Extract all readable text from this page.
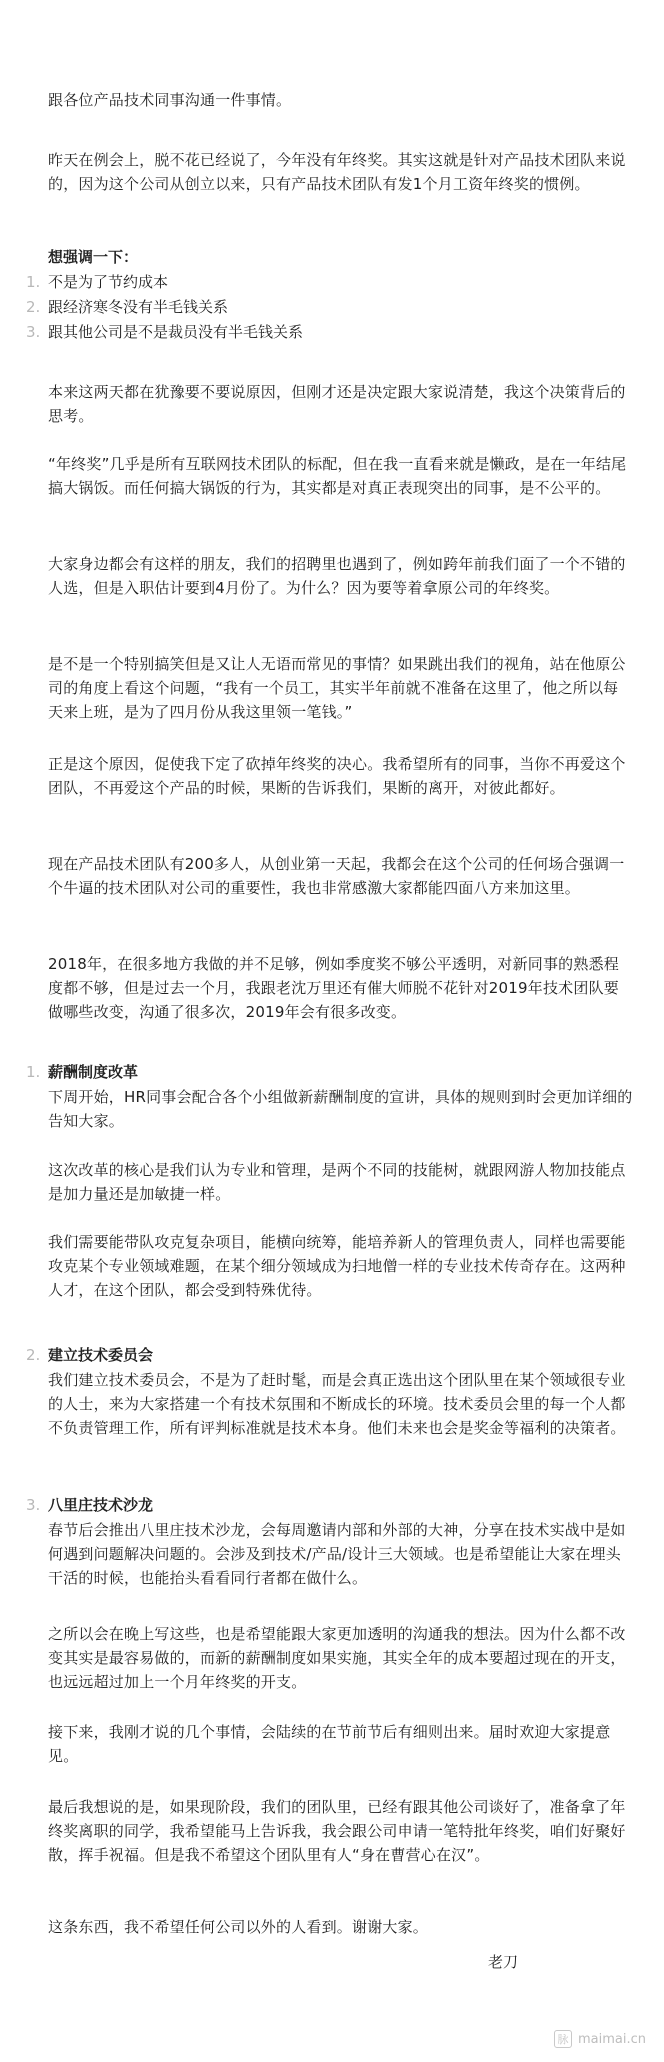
跟各位产品技术同事沟通一件事情。

昨天在例会上，脱不花已经说了，今年没有年终奖。其实这就是针对产品技术团队来说的，因为这个公司从创立以来，只有产品技术团队有发1个月工资年终奖的惯例。

想强调一下：

1. 不是为了节约成本

2. 跟经济寒冬没有半毛钱关系

3. 跟其他公司是不是裁员没有半毛钱关系

本来这两天都在犹豫要不要说原因，但刚才还是决定跟大家说清楚，我这个决策背后的思考。

“年终奖”几乎是所有互联网技术团队的标配，但在我一直看来就是懒政，是在一年结尾搞大锅饭。而任何搞大锅饭的行为，其实都是对真正表现突出的同事，是不公平的。

大家身边都会有这样的朋友，我们的招聘里也遇到了，例如跨年前我们面了一个不错的人选，但是入职估计要到4月份了。为什么？因为要等着拿原公司的年终奖。

是不是一个特别搞笑但是又让人无语而常见的事情？如果跳出我们的视角，站在他原公司的角度上看这个问题，“我有一个员工，其实半年前就不准备在这里了，他之所以每天来上班，是为了四月份从我这里领一笔钱。”

正是这个原因，促使我下定了砍掉年终奖的决心。我希望所有的同事，当你不再爱这个团队，不再爱这个产品的时候，果断的告诉我们，果断的离开，对彼此都好。

现在产品技术团队有200多人，从创业第一天起，我都会在这个公司的任何场合强调一个牛逼的技术团队对公司的重要性，我也非常感激大家都能四面八方来加这里。

2018年，在很多地方我做的并不足够，例如季度奖不够公平透明，对新同事的熟悉程度都不够，但是过去一个月，我跟老沈万里还有催大师脱不花针对2019年技术团队要做哪些改变，沟通了很多次，2019年会有很多改变。

1. 薪酬制度改革

下周开始，HR同事会配合各个小组做新薪酬制度的宣讲，具体的规则到时会更加详细的告知大家。

这次改革的核心是我们认为专业和管理，是两个不同的技能树，就跟网游人物加技能点是加力量还是加敏捷一样。

我们需要能带队攻克复杂项目，能横向统筹，能培养新人的管理负责人，同样也需要能攻克某个专业领域难题，在某个细分领域成为扫地僧一样的专业技术传奇存在。这两种人才，在这个团队，都会受到特殊优待。

2. 建立技术委员会

我们建立技术委员会，不是为了赶时髦，而是会真正选出这个团队里在某个领域很专业的人士，来为大家搭建一个有技术氛围和不断成长的环境。技术委员会里的每一个人都不负责管理工作，所有评判标准就是技术本身。他们未来也会是奖金等福利的决策者。

3. 八里庄技术沙龙

春节后会推出八里庄技术沙龙，会每周邀请内部和外部的大神，分享在技术实战中是如何遇到问题解决问题的。会涉及到技术/产品/设计三大领域。也是希望能让大家在埋头干活的时候，也能抬头看看同行者都在做什么。

之所以会在晚上写这些，也是希望能跟大家更加透明的沟通我的想法。因为什么都不改变其实是最容易做的，而新的薪酬制度如果实施，其实全年的成本要超过现在的开支，也远远超过加上一个月年终奖的开支。

接下来，我刚才说的几个事情，会陆续的在节前节后有细则出来。届时欢迎大家提意见。

最后我想说的是，如果现阶段，我们的团队里，已经有跟其他公司谈好了，准备拿了年终奖离职的同学，我希望能马上告诉我，我会跟公司申请一笔特批年终奖，咱们好聚好散，挥手祝福。但是我不希望这个团队里有人“身在曹营心在汉”。

这条东西，我不希望任何公司以外的人看到。谢谢大家。

老刀

脉 maimai.cn
